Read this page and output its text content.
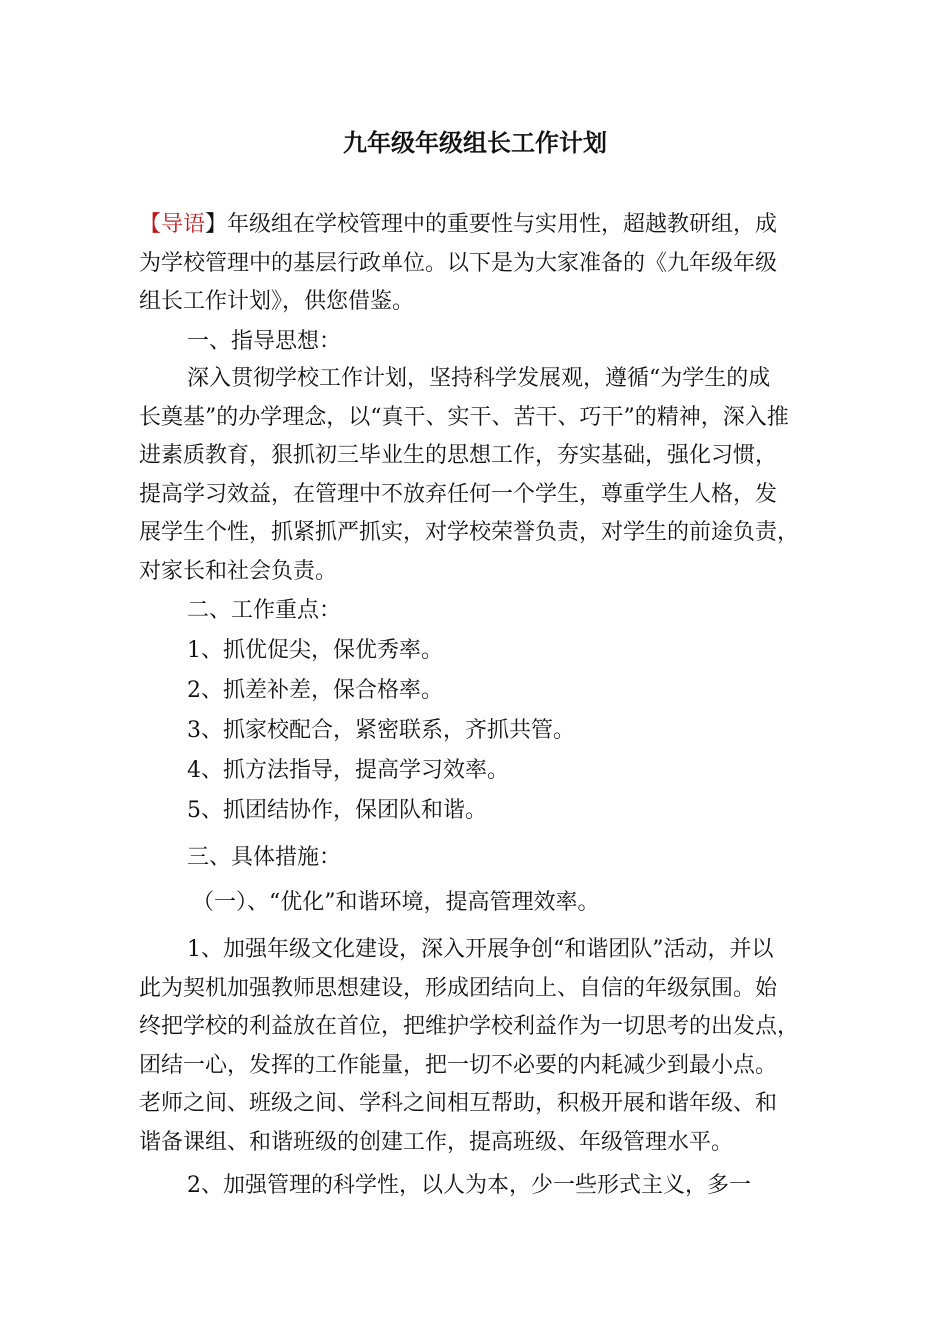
九年级年级组长工作计划

【导语】年级组在学校管理中的重要性与实用性，超越教研组，成
为学校管理中的基层行政单位。以下是为大家准备的《九年级年级
组长工作计划》，供您借鉴。

一、指导思想：

深入贯彻学校工作计划，坚持科学发展观，遵循“为学生的成
长奠基”的办学理念，以“真干、实干、苦干、巧干”的精神，深入推
进素质教育，狠抓初三毕业生的思想工作，夯实基础，强化习惯，
提高学习效益，在管理中不放弃任何一个学生，尊重学生人格，发
展学生个性，抓紧抓严抓实，对学校荣誉负责，对学生的前途负责，
对家长和社会负责。

二、工作重点：

1、抓优促尖，保优秀率。

2、抓差补差，保合格率。

3、抓家校配合，紧密联系，齐抓共管。

4、抓方法指导，提高学习效率。

5、抓团结协作，保团队和谐。

三、具体措施：

（一）、“优化”和谐环境，提高管理效率。

1、加强年级文化建设，深入开展争创“和谐团队”活动，并以
此为契机加强教师思想建设，形成团结向上、自信的年级氛围。始
终把学校的利益放在首位，把维护学校利益作为一切思考的出发点，
团结一心，发挥的工作能量，把一切不必要的内耗减少到最小点。
老师之间、班级之间、学科之间相互帮助，积极开展和谐年级、和
谐备课组、和谐班级的创建工作，提高班级、年级管理水平。

2、加强管理的科学性，以人为本，少一些形式主义，多一
